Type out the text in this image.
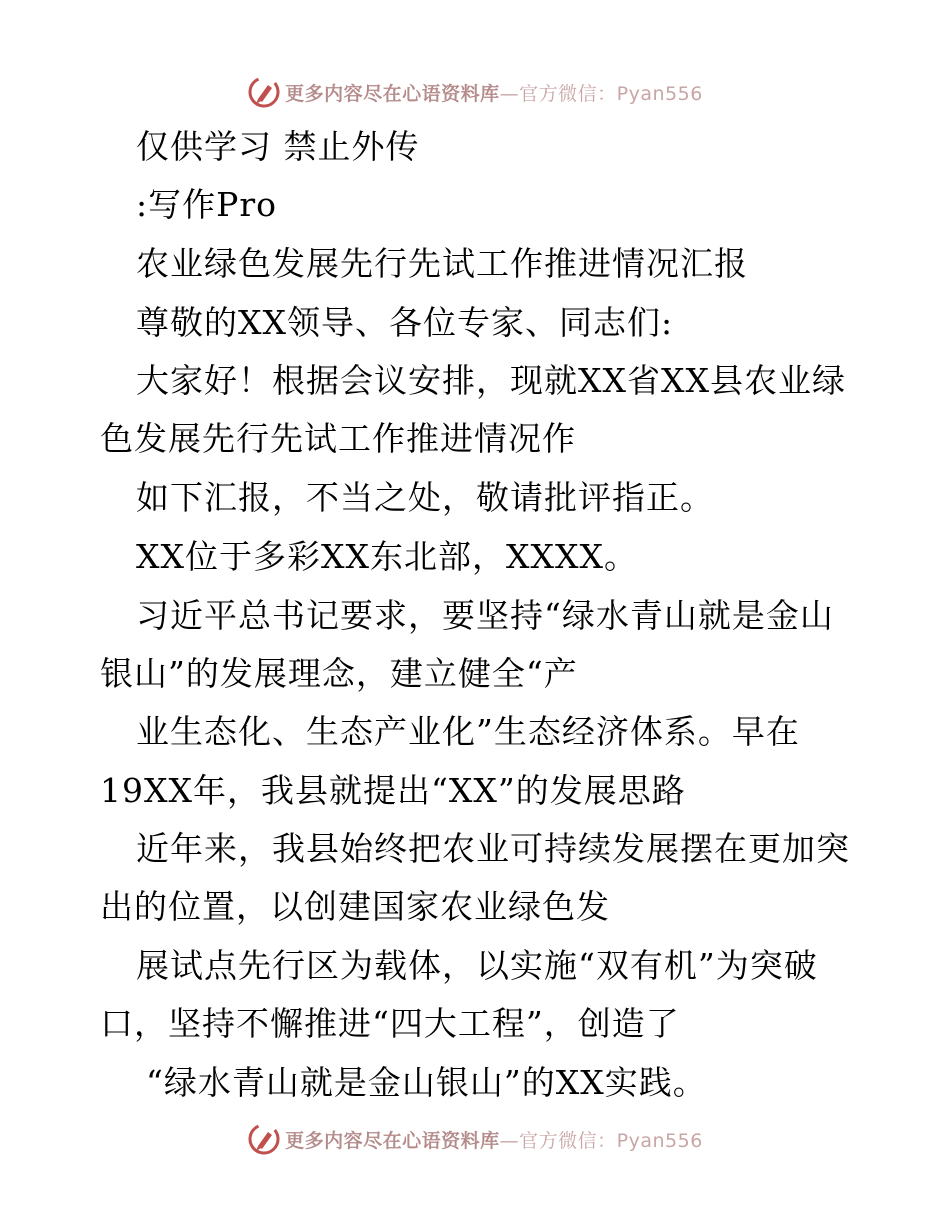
更多内容尽在心语资料库—官方微信：Pyan556
仅供学习 禁止外传
:写作Pro
农业绿色发展先行先试工作推进情况汇报
尊敬的XX领导、各位专家、同志们:
大家好！根据会议安排，现就XX省XX县农业绿
色发展先行先试工作推进情况作
如下汇报，不当之处，敬请批评指正。
XX位于多彩XX东北部，XXXX。
习近平总书记要求，要坚持“绿水青山就是金山
银山”的发展理念，建立健全“产
业生态化、生态产业化”生态经济体系。早在
19XX年，我县就提出“XX”的发展思路
近年来，我县始终把农业可持续发展摆在更加突
出的位置，以创建国家农业绿色发
展试点先行区为载体，以实施“双有机”为突破
口，坚持不懈推进“四大工程”，创造了
“绿水青山就是金山银山”的XX实践。
更多内容尽在心语资料库—官方微信：Pyan556
